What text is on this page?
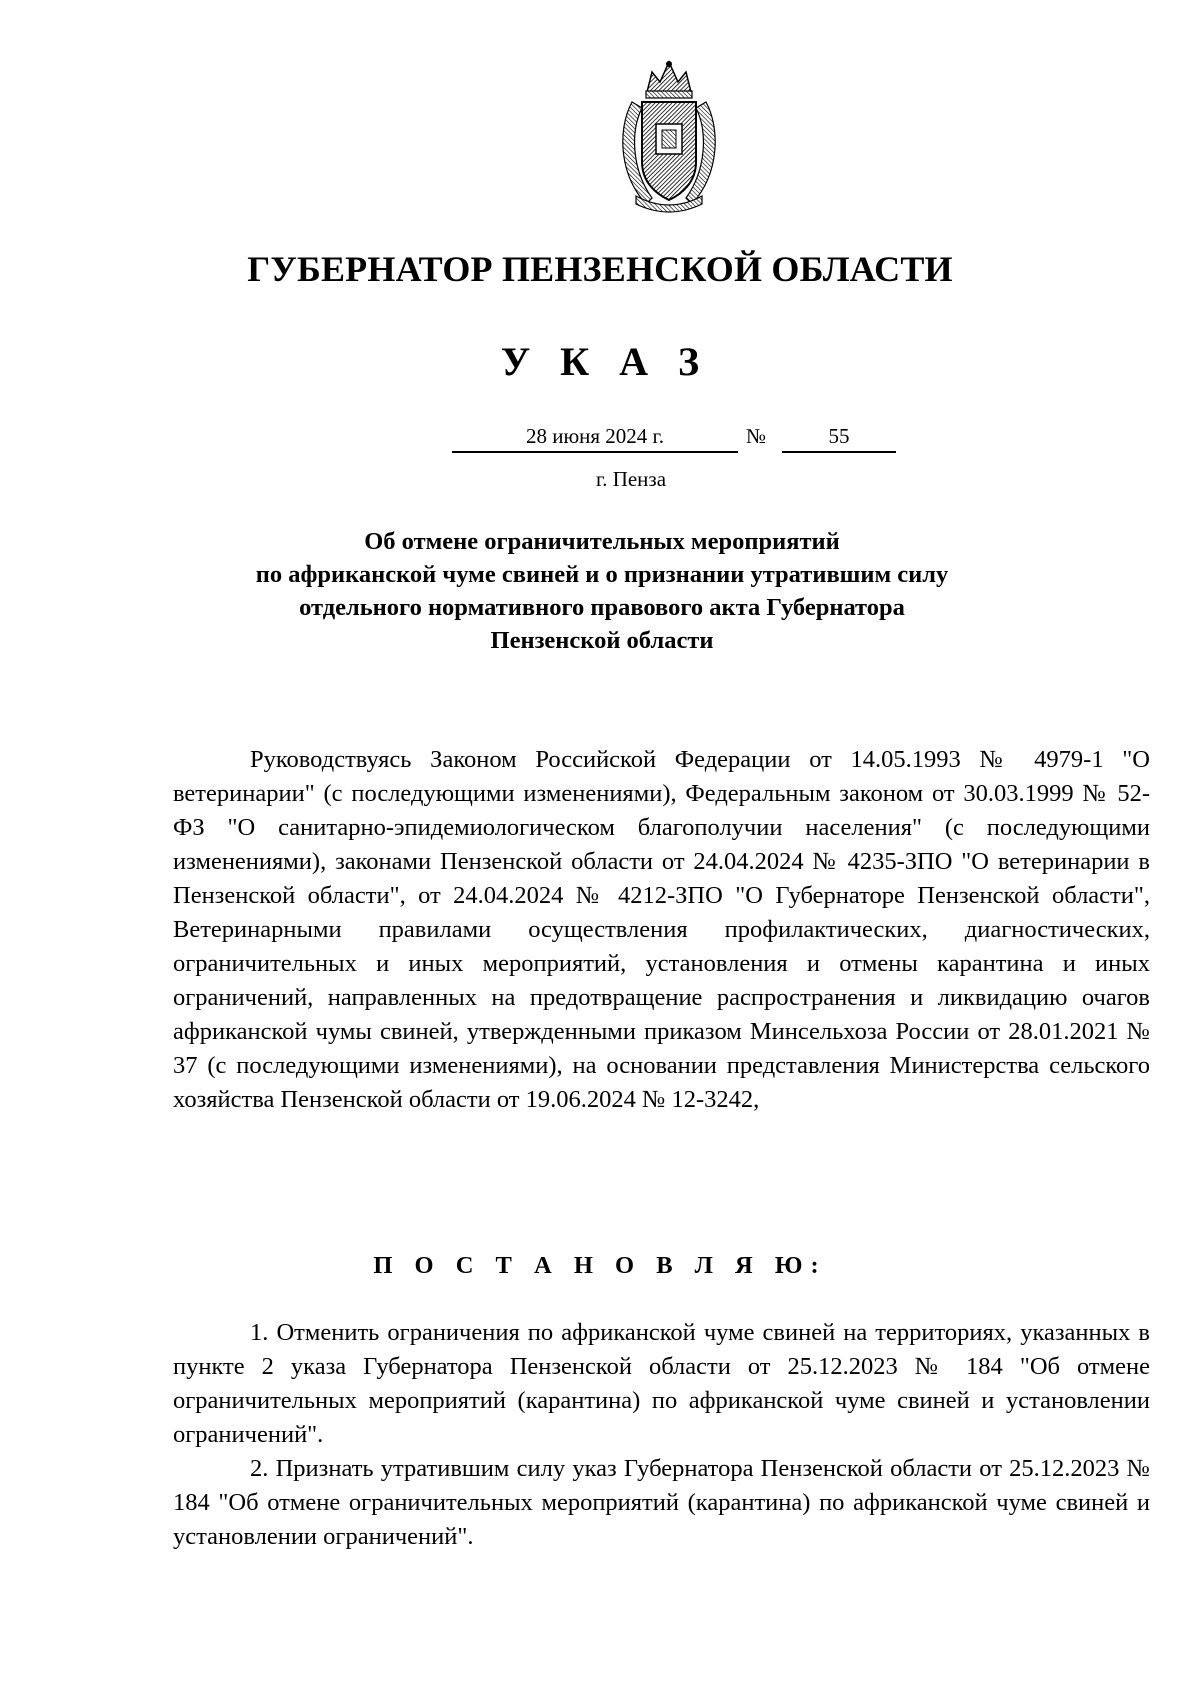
ГУБЕРНАТОР ПЕНЗЕНСКОЙ ОБЛАСТИ
У К А З
28 июня 2024 г.	№	55
г. Пенза
Об отмене ограничительных мероприятий
по африканской чуме свиней и о признании утратившим силу
отдельного нормативного правового акта Губернатора
Пензенской области

Руководствуясь Законом Российской Федерации от 14.05.1993 № 4979-1 "О ветеринарии" (с последующими изменениями), Федеральным законом от 30.03.1999 № 52-ФЗ "О санитарно-эпидемиологическом благополучии населения" (с последующими изменениями), законами Пензенской области от 24.04.2024 № 4235-ЗПО "О ветеринарии в Пензенской области", от 24.04.2024 № 4212-ЗПО "О Губернаторе Пензенской области", Ветеринарными правилами осуществления профилактических, диагностических, ограничительных и иных мероприятий, установления и отмены карантина и иных ограничений, направленных на предотвращение распространения и ликвидацию очагов африканской чумы свиней, утвержденными приказом Минсельхоза России от 28.01.2021 № 37 (с последующими изменениями), на основании представления Министерства сельского хозяйства Пензенской области от 19.06.2024 № 12-3242,

П О С Т А Н О В Л Я Ю:

1. Отменить ограничения по африканской чуме свиней на территориях, указанных в пункте 2 указа Губернатора Пензенской области от 25.12.2023 № 184 "Об отмене ограничительных мероприятий (карантина) по африканской чуме свиней и установлении ограничений".

2. Признать утратившим силу указ Губернатора Пензенской области от 25.12.2023 № 184 "Об отмене ограничительных мероприятий (карантина) по африканской чуме свиней и установлении ограничений".
